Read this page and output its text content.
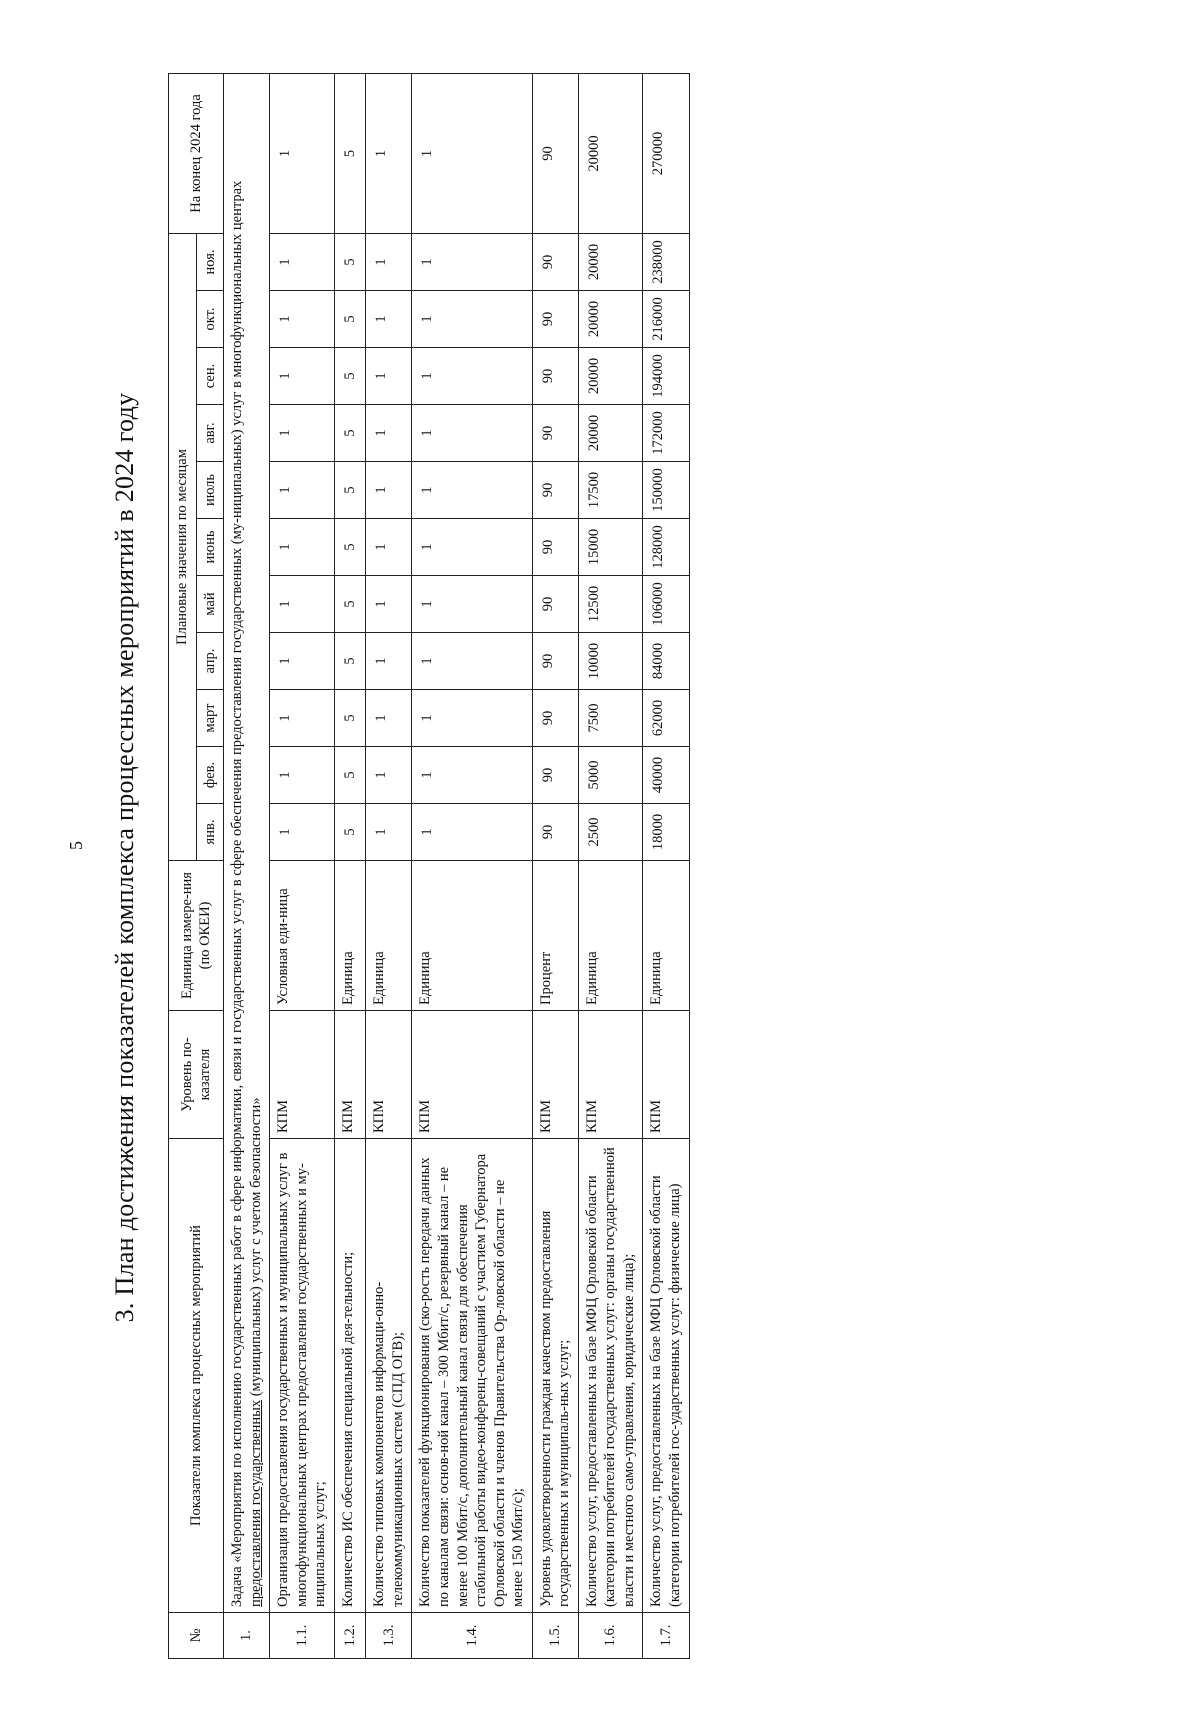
5 3. План достижения показателей комплекса процессных мероприятий в 2024 году
№	Показатели комплекса процессных мероприятий	Уровень по-казателя	Единица измере-ния (по ОКЕИ)	Плановые значения по месяцам											На конец 2024 года
				янв.	фев.	март	апр.	май	июнь	июль	авг.	сен.	окт.	ноя.	
1.	Задача «Мероприятия по исполнению государственных работ в сфере информатики, связи и государственных услуг в сфере обеспечения предоставления государственных (му-ниципальных) услуг в многофункциональных центрах предоставления государственных (муниципальных) услуг с учетом безопасности»														
1.1.	Организация предоставления государственных и муниципальных услуг в многофункциональных центрах предоставления государственных и му-ниципальных услуг;	КПМ	Условная еди-ница	1	1	1	1	1	1	1	1	1	1	1	1
1.2.	Количество ИС обеспечения специальной дея-тельности;	КПМ	Единица	5	5	5	5	5	5	5	5	5	5	5	5
1.3.	Количество типовых компонентов информаци-онно-телекоммуникационных систем (СПД ОГВ);	КПМ	Единица	1	1	1	1	1	1	1	1	1	1	1	1
1.4.	Количество показателей функционирования (ско-рость передачи данных по каналам связи: основ-ной канал – 300 Мбит/с, резервный канал – не менее 100 Мбит/с, дополнительный канал связи для обеспечения стабильной работы видео-конференц-совещаний с участием Губернатора Орловской области и членов Правительства Ор-ловской области – не менее 150 Мбит/с);	КПМ	Единица	1	1	1	1	1	1	1	1	1	1	1	1
1.5.	Уровень удовлетворенности граждан качеством предоставления государственных и муниципаль-ных услуг;	КПМ	Процент	90	90	90	90	90	90	90	90	90	90	90	90
1.6.	Количество услуг, предоставленных на базе МФЦ Орловской области (категории потребителей государственных услуг: органы государственной власти и местного само-управления, юридические лица);	КПМ	Единица	2500	5000	7500	10000	12500	15000	17500	20000	20000	20000	20000	20000
1.7.	Количество услуг, предоставленных на базе МФЦ Орловской области (категории потребителей гос-ударственных услуг: физические лица)	КПМ	Единица	18000	40000	62000	84000	106000	128000	150000	172000	194000	216000	238000	270000
